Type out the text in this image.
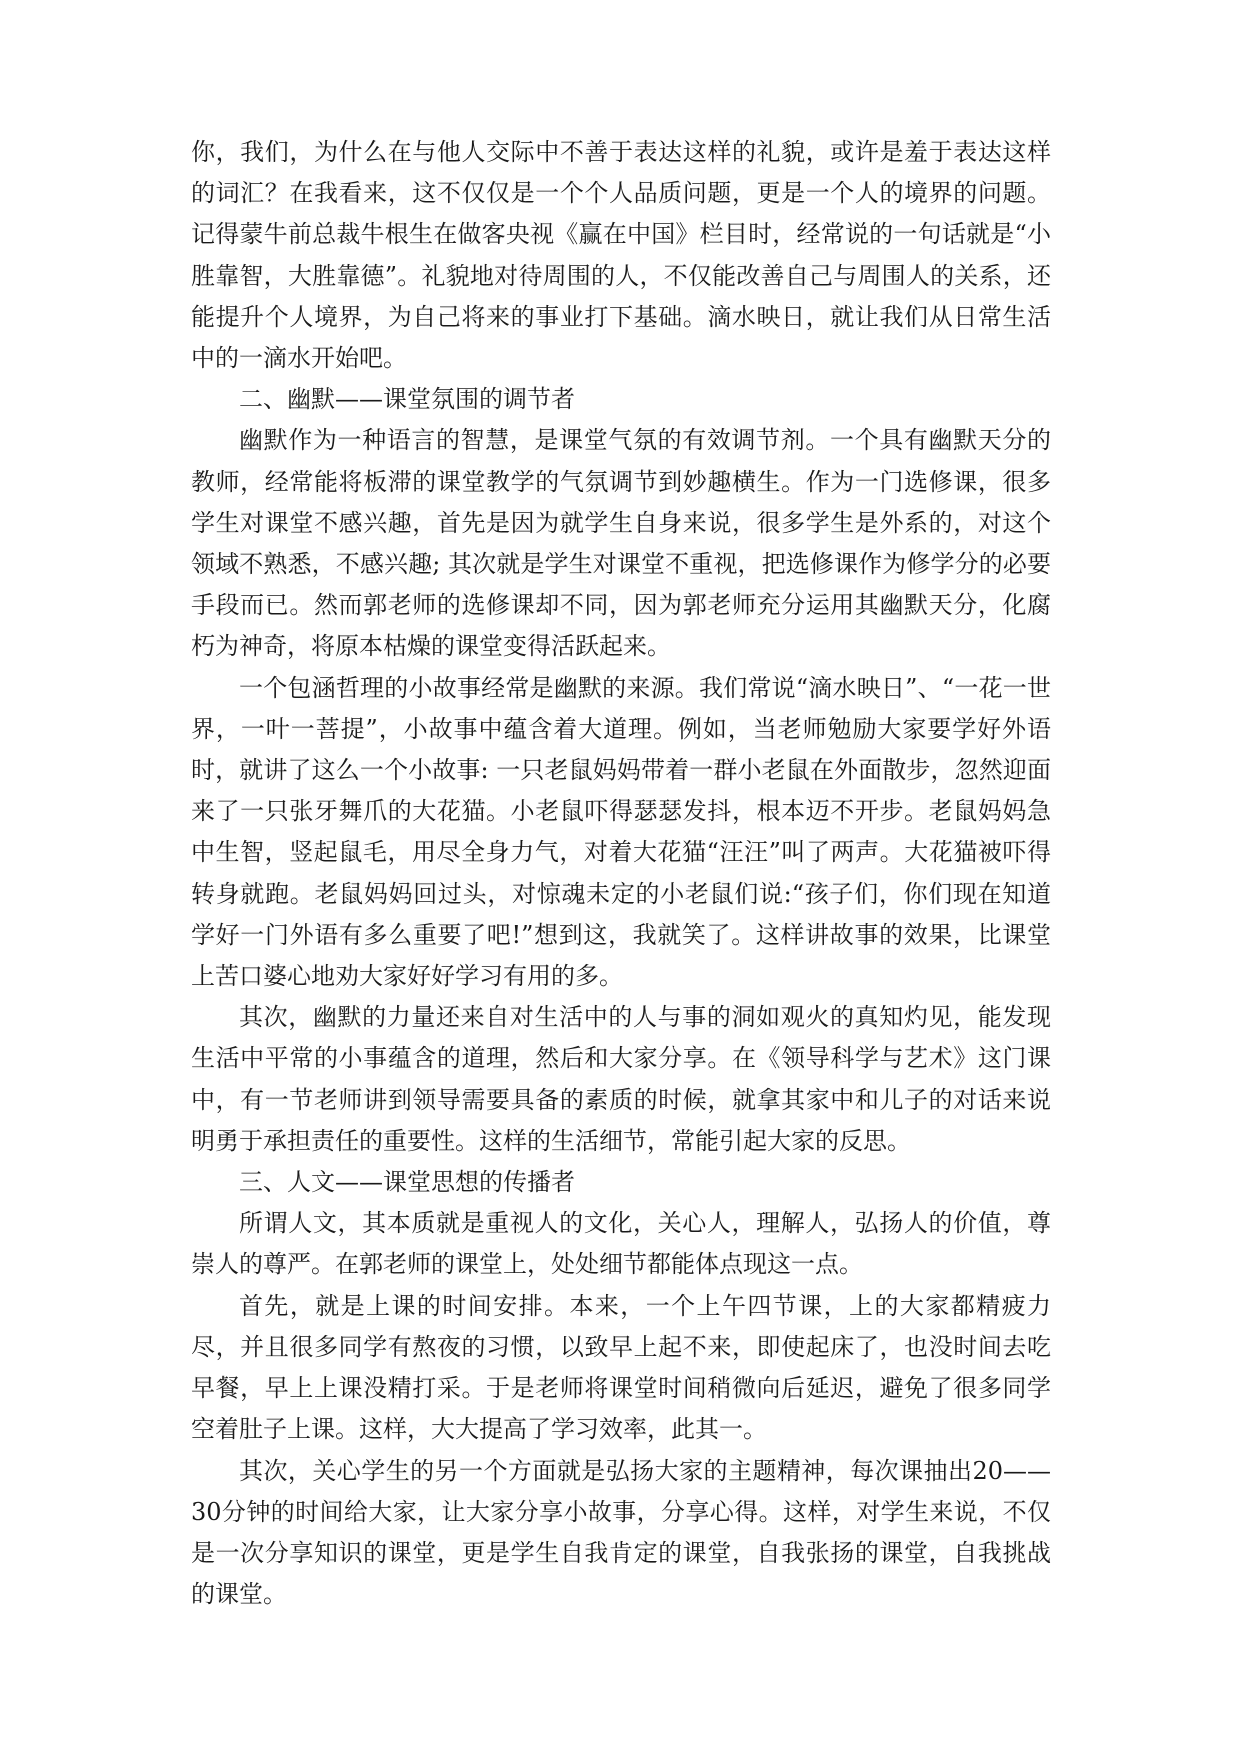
你，我们，为什么在与他人交际中不善于表达这样的礼貌，或许是羞于表达这样的词汇？在我看来，这不仅仅是一个个人品质问题，更是一个人的境界的问题。记得蒙牛前总裁牛根生在做客央视《赢在中国》栏目时，经常说的一句话就是“小胜靠智，大胜靠德”。礼貌地对待周围的人，不仅能改善自己与周围人的关系，还能提升个人境界，为自己将来的事业打下基础。滴水映日，就让我们从日常生活中的一滴水开始吧。

二、幽默——课堂氛围的调节者

幽默作为一种语言的智慧，是课堂气氛的有效调节剂。一个具有幽默天分的教师，经常能将板滞的课堂教学的气氛调节到妙趣横生。作为一门选修课，很多学生对课堂不感兴趣，首先是因为就学生自身来说，很多学生是外系的，对这个领域不熟悉，不感兴趣; 其次就是学生对课堂不重视，把选修课作为修学分的必要手段而已。然而郭老师的选修课却不同，因为郭老师充分运用其幽默天分，化腐朽为神奇，将原本枯燥的课堂变得活跃起来。

一个包涵哲理的小故事经常是幽默的来源。我们常说“滴水映日”、“一花一世界，一叶一菩提”，小故事中蕴含着大道理。例如，当老师勉励大家要学好外语时，就讲了这么一个小故事: 一只老鼠妈妈带着一群小老鼠在外面散步，忽然迎面来了一只张牙舞爪的大花猫。小老鼠吓得瑟瑟发抖，根本迈不开步。老鼠妈妈急中生智，竖起鼠毛，用尽全身力气，对着大花猫“汪汪”叫了两声。大花猫被吓得转身就跑。老鼠妈妈回过头，对惊魂未定的小老鼠们说:“孩子们，你们现在知道学好一门外语有多么重要了吧!”想到这，我就笑了。这样讲故事的效果，比课堂上苦口婆心地劝大家好好学习有用的多。

其次，幽默的力量还来自对生活中的人与事的洞如观火的真知灼见，能发现生活中平常的小事蕴含的道理，然后和大家分享。在《领导科学与艺术》这门课中，有一节老师讲到领导需要具备的素质的时候，就拿其家中和儿子的对话来说明勇于承担责任的重要性。这样的生活细节，常能引起大家的反思。

三、人文——课堂思想的传播者

所谓人文，其本质就是重视人的文化，关心人，理解人，弘扬人的价值，尊崇人的尊严。在郭老师的课堂上，处处细节都能体点现这一点。

首先，就是上课的时间安排。本来，一个上午四节课，上的大家都精疲力尽，并且很多同学有熬夜的习惯，以致早上起不来，即使起床了，也没时间去吃早餐，早上上课没精打采。于是老师将课堂时间稍微向后延迟，避免了很多同学空着肚子上课。这样，大大提高了学习效率，此其一。

其次，关心学生的另一个方面就是弘扬大家的主题精神，每次课抽出20——30分钟的时间给大家，让大家分享小故事，分享心得。这样，对学生来说，不仅是一次分享知识的课堂，更是学生自我肯定的课堂，自我张扬的课堂，自我挑战的课堂。
